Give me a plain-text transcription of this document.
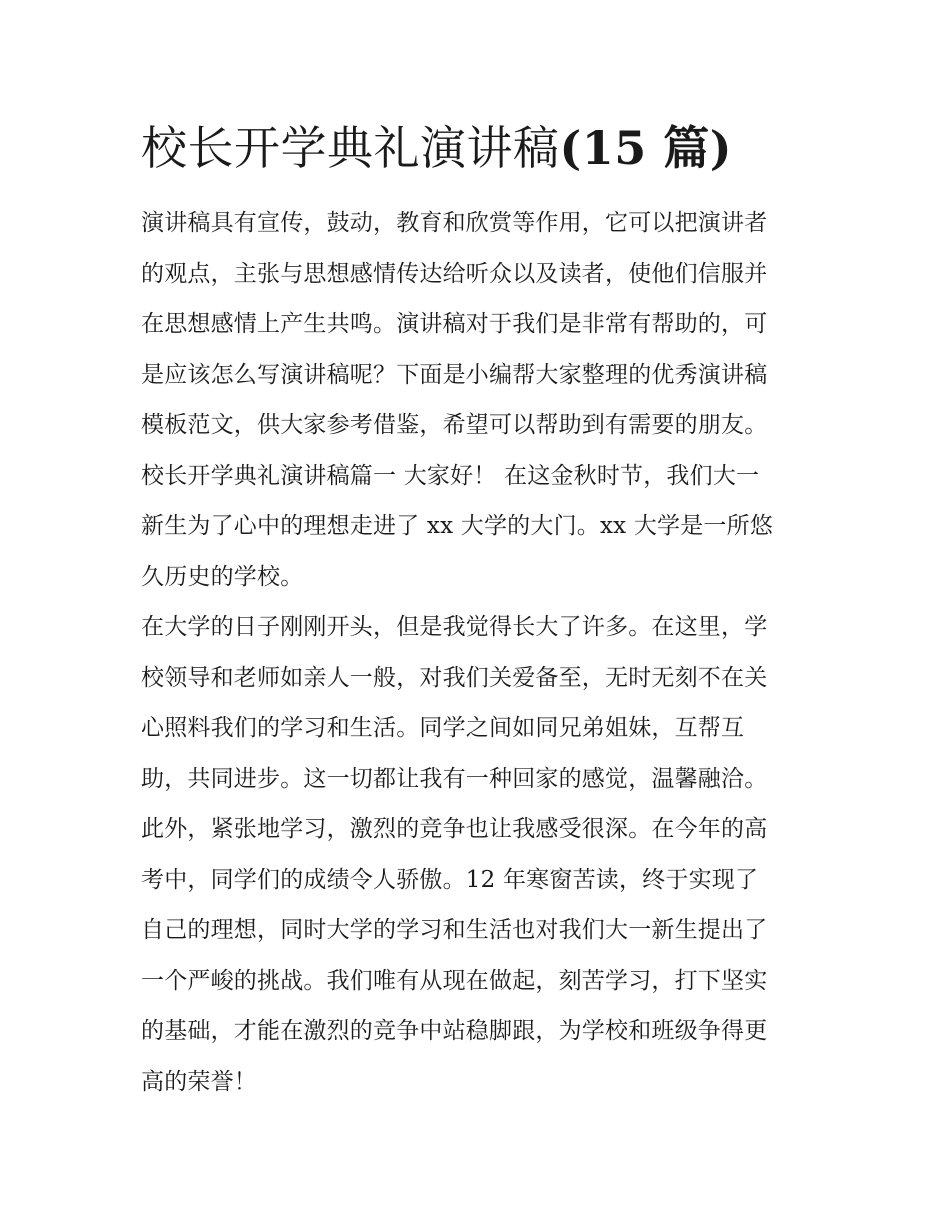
校长开学典礼演讲稿(15 篇)
演讲稿具有宣传，鼓动，教育和欣赏等作用，它可以把演讲者
的观点，主张与思想感情传达给听众以及读者，使他们信服并
在思想感情上产生共鸣。演讲稿对于我们是非常有帮助的，可
是应该怎么写演讲稿呢？下面是小编帮大家整理的优秀演讲稿
模板范文，供大家参考借鉴，希望可以帮助到有需要的朋友。
校长开学典礼演讲稿篇一 大家好！ 在这金秋时节，我们大一
新生为了心中的理想走进了 xx 大学的大门。xx 大学是一所悠
久历史的学校。
在大学的日子刚刚开头，但是我觉得长大了许多。在这里，学
校领导和老师如亲人一般，对我们关爱备至，无时无刻不在关
心照料我们的学习和生活。同学之间如同兄弟姐妹，互帮互
助，共同进步。这一切都让我有一种回家的感觉，温馨融洽。
此外，紧张地学习，激烈的竞争也让我感受很深。在今年的高
考中，同学们的成绩令人骄傲。12 年寒窗苦读，终于实现了
自己的理想，同时大学的学习和生活也对我们大一新生提出了
一个严峻的挑战。我们唯有从现在做起，刻苦学习，打下坚实
的基础，才能在激烈的竞争中站稳脚跟，为学校和班级争得更
高的荣誉！
